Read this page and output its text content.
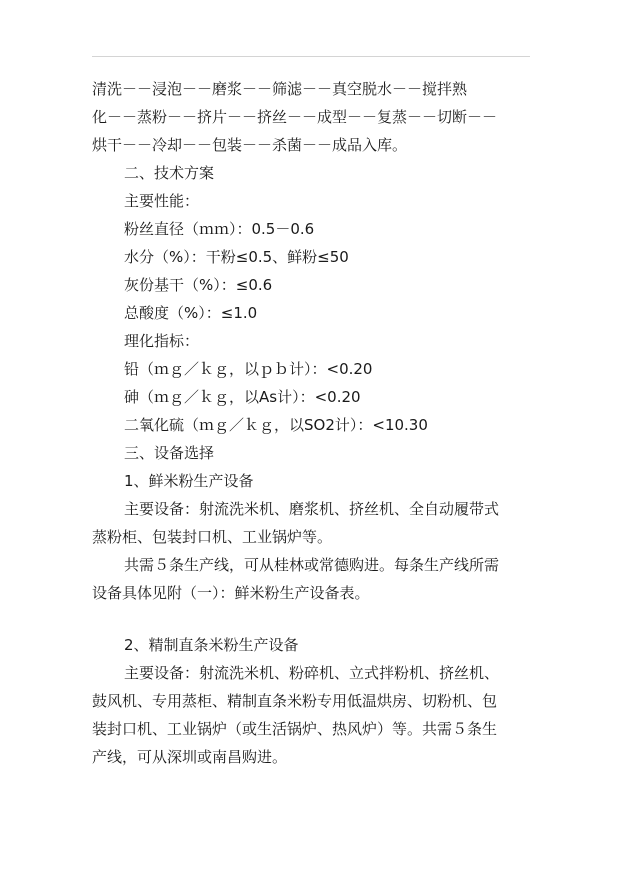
清洗－－浸泡－－磨浆－－筛滤－－真空脱水－－搅拌熟
化－－蒸粉－－挤片－－挤丝－－成型－－复蒸－－切断－－
烘干－－冷却－－包装－－杀菌－－成品入库。
二、技术方案
主要性能：
粉丝直径（ｍｍ）：0.5－0.6
水分（%）：干粉≤0.5、鲜粉≤50
灰份基干（%）：≤0.6
总酸度（%）：≤1.0
理化指标：
铅（ｍｇ／ｋｇ，以ｐｂ计）：<0.20
砷（ｍｇ／ｋｇ，以As计）：<0.20
二氧化硫（ｍｇ／ｋｇ，以SO2计）：<10.30
三、设备选择
1、鲜米粉生产设备
主要设备：射流洗米机、磨浆机、挤丝机、全自动履带式
蒸粉柜、包装封口机、工业锅炉等。
共需５条生产线，可从桂林或常德购进。每条生产线所需
设备具体见附（一）：鲜米粉生产设备表。
2、精制直条米粉生产设备
主要设备：射流洗米机、粉碎机、立式拌粉机、挤丝机、
鼓风机、专用蒸柜、精制直条米粉专用低温烘房、切粉机、包
装封口机、工业锅炉（或生活锅炉、热风炉）等。共需５条生
产线，可从深圳或南昌购进。
